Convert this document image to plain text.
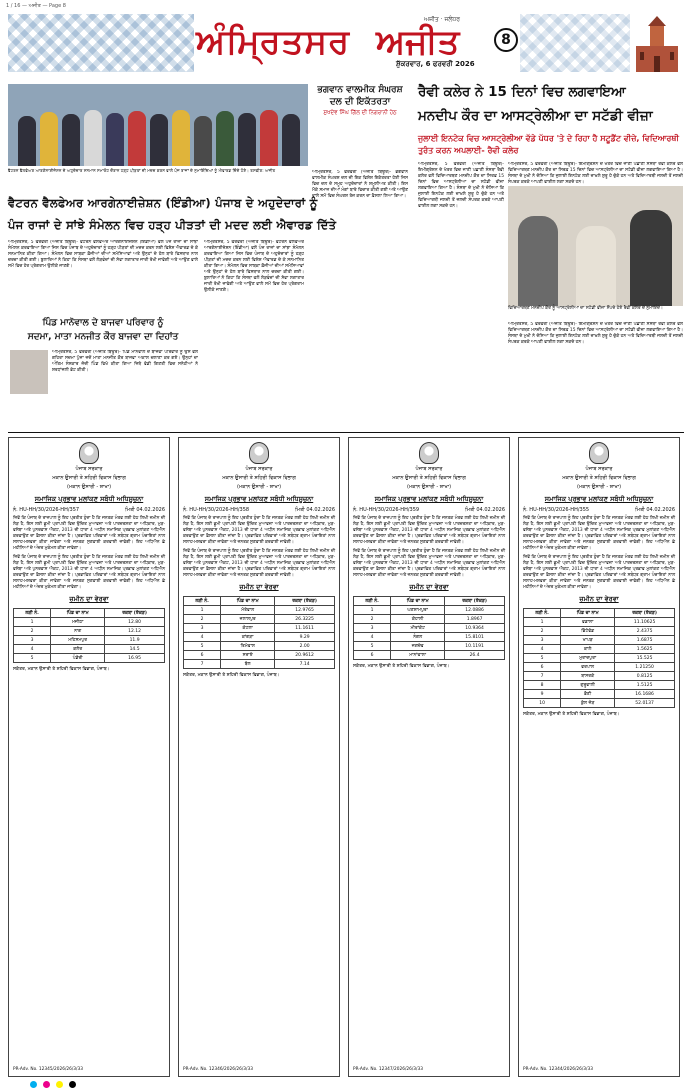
1 / 16 — ਅਜੀਤ — Page 8
ਅਜੀਤ · ਜਲੰਧਰ
ਅੰਮ੍ਰਿਤਸਰ ਅਜੀਤ
ਸ਼ੁੱਕਰਵਾਰ, 6 ਫਰਵਰੀ 2026
8
ਵੈਟਰਨ ਵੈਲਫੇਅਰ ਆਰਗੇਨਾਈਜ਼ੇਸ਼ਨ ਦੇ ਅਹੁਦੇਦਾਰ ਸਨਮਾਨ ਸਮਾਰੋਹ ਦੌਰਾਨ ਹੜ੍ਹ ਪੀੜਤਾਂ ਦੀ ਮਦਦ ਕਰਨ ਵਾਲੇ ਪੰਜ ਰਾਜਾਂ ਦੇ ਨੁਮਾਇੰਦਿਆਂ ਨੂੰ ਐਵਾਰਡ ਦਿੰਦੇ ਹੋਏ। ਤਸਵੀਰ: ਅਜੀਤ
ਭਗਵਾਨ ਵਾਲਮੀਕ ਸੰਘਰਸ਼ ਦਲ ਦੀ ਇਕੱਤਰਤਾ
ਸੁਖਦੇਵ ਸਿੰਘ ਗਿੱਲ ਦੀ ਨਿਗਰਾਨੀ ਹੇਠ
ਅੰਮ੍ਰਿਤਸਰ, 5 ਫਰਵਰੀ (ਅਜੀਤ ਬਿਊਰੋ)- ਭਗਵਾਨ ਵਾਲਮੀਕ ਸੰਘਰਸ਼ ਦਲ ਦੀ ਇਕ ਵਿਸ਼ੇਸ਼ ਇਕੱਤਰਤਾ ਹੋਈ ਜਿਸ ਵਿਚ ਦਲ ਦੇ ਸਮੂਹ ਅਹੁਦੇਦਾਰਾਂ ਨੇ ਸ਼ਮੂਲੀਅਤ ਕੀਤੀ। ਇਸ ਮੌਕੇ ਸਮਾਜ ਦੀਆਂ ਮੰਗਾਂ ਬਾਰੇ ਵਿਚਾਰ ਕੀਤੀ ਗਈ ਅਤੇ ਆਉਣ ਵਾਲੇ ਸਮੇਂ ਵਿਚ ਸੰਘਰਸ਼ ਤੇਜ਼ ਕਰਨ ਦਾ ਫ਼ੈਸਲਾ ਲਿਆ ਗਿਆ।
ਵੈਟਰਨ ਵੈਲਫੇਅਰ ਆਰਗੇਨਾਈਜ਼ੇਸ਼ਨ (ਇੰਡੀਆ) ਪੰਜਾਬ ਦੇ ਅਹੁਦੇਦਾਰਾਂ ਨੂੰ
ਪੰਜ ਰਾਜਾਂ ਦੇ ਸਾਂਝੇ ਸੰਮੇਲਨ ਵਿਚ ਹੜ੍ਹ ਪੀੜਤਾਂ ਦੀ ਮਦਦ ਲਈ ਐਵਾਰਡ ਦਿੱਤੇ
ਅੰਮ੍ਰਿਤਸਰ, 5 ਫਰਵਰੀ (ਅਜੀਤ ਬਿਊਰੋ)- ਵੈਟਰਨ ਵੈਲਫੇਅਰ ਆਰਗੇਨਾਈਜ਼ੇਸ਼ਨ (ਇੰਡੀਆ) ਵਲੋਂ ਪੰਜ ਰਾਜਾਂ ਦਾ ਸਾਂਝਾ ਸੰਮੇਲਨ ਕਰਵਾਇਆ ਗਿਆ ਜਿਸ ਵਿਚ ਪੰਜਾਬ ਦੇ ਅਹੁਦੇਦਾਰਾਂ ਨੂੰ ਹੜ੍ਹ ਪੀੜਤਾਂ ਦੀ ਮਦਦ ਕਰਨ ਲਈ ਵਿਸ਼ੇਸ਼ ਐਵਾਰਡ ਦੇ ਕੇ ਸਨਮਾਨਿਤ ਕੀਤਾ ਗਿਆ। ਸੰਮੇਲਨ ਵਿਚ ਸਾਬਕਾ ਫ਼ੌਜੀਆਂ ਦੀਆਂ ਸਮੱਸਿਆਵਾਂ ਅਤੇ ਉਨ੍ਹਾਂ ਦੇ ਹੱਲ ਬਾਰੇ ਵਿਸਥਾਰ ਨਾਲ ਚਰਚਾ ਕੀਤੀ ਗਈ। ਬੁਲਾਰਿਆਂ ਨੇ ਕਿਹਾ ਕਿ ਸੰਸਥਾ ਵਲੋਂ ਲੋੜਵੰਦਾਂ ਦੀ ਸੇਵਾ ਲਗਾਤਾਰ ਜਾਰੀ ਰੱਖੀ ਜਾਵੇਗੀ ਅਤੇ ਆਉਣ ਵਾਲੇ ਸਮੇਂ ਵਿਚ ਹੋਰ ਪ੍ਰੋਗਰਾਮ ਉਲੀਕੇ ਜਾਣਗੇ।
ਅੰਮ੍ਰਿਤਸਰ, 5 ਫਰਵਰੀ (ਅਜੀਤ ਬਿਊਰੋ)- ਵੈਟਰਨ ਵੈਲਫੇਅਰ ਆਰਗੇਨਾਈਜ਼ੇਸ਼ਨ (ਇੰਡੀਆ) ਵਲੋਂ ਪੰਜ ਰਾਜਾਂ ਦਾ ਸਾਂਝਾ ਸੰਮੇਲਨ ਕਰਵਾਇਆ ਗਿਆ ਜਿਸ ਵਿਚ ਪੰਜਾਬ ਦੇ ਅਹੁਦੇਦਾਰਾਂ ਨੂੰ ਹੜ੍ਹ ਪੀੜਤਾਂ ਦੀ ਮਦਦ ਕਰਨ ਲਈ ਵਿਸ਼ੇਸ਼ ਐਵਾਰਡ ਦੇ ਕੇ ਸਨਮਾਨਿਤ ਕੀਤਾ ਗਿਆ। ਸੰਮੇਲਨ ਵਿਚ ਸਾਬਕਾ ਫ਼ੌਜੀਆਂ ਦੀਆਂ ਸਮੱਸਿਆਵਾਂ ਅਤੇ ਉਨ੍ਹਾਂ ਦੇ ਹੱਲ ਬਾਰੇ ਵਿਸਥਾਰ ਨਾਲ ਚਰਚਾ ਕੀਤੀ ਗਈ। ਬੁਲਾਰਿਆਂ ਨੇ ਕਿਹਾ ਕਿ ਸੰਸਥਾ ਵਲੋਂ ਲੋੜਵੰਦਾਂ ਦੀ ਸੇਵਾ ਲਗਾਤਾਰ ਜਾਰੀ ਰੱਖੀ ਜਾਵੇਗੀ ਅਤੇ ਆਉਣ ਵਾਲੇ ਸਮੇਂ ਵਿਚ ਹੋਰ ਪ੍ਰੋਗਰਾਮ ਉਲੀਕੇ ਜਾਣਗੇ।
ਪਿੰਡ ਮਾਨੋਵਾਲ ਦੇ ਬਾਜਵਾ ਪਰਿਵਾਰ ਨੂੰ
ਸਦਮਾ, ਮਾਤਾ ਮਨਜੀਤ ਕੌਰ ਬਾਜਵਾ ਦਾ ਦਿਹਾਂਤ
ਅੰਮ੍ਰਿਤਸਰ, 5 ਫਰਵਰੀ (ਅਜੀਤ ਬਿਊਰੋ)- ਪਿੰਡ ਮਾਨੋਵਾਲ ਦੇ ਬਾਜਵਾ ਪਰਿਵਾਰ ਨੂੰ ਉਸ ਵੇਲੇ ਗਹਿਰਾ ਸਦਮਾ ਪੁੱਜਾ ਜਦੋਂ ਮਾਤਾ ਮਨਜੀਤ ਕੌਰ ਬਾਜਵਾ ਅਕਾਲ ਚਲਾਣਾ ਕਰ ਗਏ। ਉਨ੍ਹਾਂ ਦਾ ਅੰਤਿਮ ਸੰਸਕਾਰ ਜੱਦੀ ਪਿੰਡ ਵਿਖੇ ਕੀਤਾ ਗਿਆ ਜਿਥੇ ਵੱਡੀ ਗਿਣਤੀ ਵਿਚ ਸਨੇਹੀਆਂ ਨੇ ਸ਼ਰਧਾਂਜਲੀ ਭੇਟ ਕੀਤੀ।
ਰੈਵੀ ਕਲੇਰ ਨੇ 15 ਦਿਨਾਂ ਵਿਚ ਲਗਵਾਇਆ
ਮਨਦੀਪ ਕੌਰ ਦਾ ਆਸਟ੍ਰੇਲੀਆ ਦਾ ਸਟੱਡੀ ਵੀਜ਼ਾ
ਜੁਲਾਈ ਇਨਟੇਕ ਵਿਚ ਆਸਟ੍ਰੇਲੀਆ ਵੱਡੇ ਪੱਧਰ 'ਤੇ ਦੇ ਰਿਹਾ ਹੈ ਸਟੂਡੈਂਟ ਵੀਜ਼ੇ, ਵਿਦਿਆਰਥੀ ਤੁਰੰਤ ਕਰਨ ਅਪਲਾਈ- ਰੈਵੀ ਕਲੇਰ
ਅੰਮ੍ਰਿਤਸਰ, 5 ਫਰਵਰੀ (ਅਜੀਤ ਬਿਊਰੋ)- ਇਮੀਗ੍ਰੇਸ਼ਨ ਦੇ ਖੇਤਰ ਵਿਚ ਜਾਣੀ ਪਛਾਣੀ ਸੰਸਥਾ ਰੈਵੀ ਕਲੇਰ ਵਲੋਂ ਵਿਦਿਆਰਥਣ ਮਨਦੀਪ ਕੌਰ ਦਾ ਸਿਰਫ਼ 15 ਦਿਨਾਂ ਵਿਚ ਆਸਟ੍ਰੇਲੀਆ ਦਾ ਸਟੱਡੀ ਵੀਜ਼ਾ ਲਗਵਾਇਆ ਗਿਆ ਹੈ। ਸੰਸਥਾ ਦੇ ਮੁਖੀ ਨੇ ਦੱਸਿਆ ਕਿ ਜੁਲਾਈ ਇਨਟੇਕ ਲਈ ਦਾਖ਼ਲੇ ਸ਼ੁਰੂ ਹੋ ਚੁੱਕੇ ਹਨ ਅਤੇ ਵਿਦਿਆਰਥੀ ਜਲਦੀ ਤੋਂ ਜਲਦੀ ਸੰਪਰਕ ਕਰਕੇ ਆਪਣੀ ਫਾਈਲ ਲਗਾ ਸਕਦੇ ਹਨ।
ਅੰਮ੍ਰਿਤਸਰ, 5 ਫਰਵਰੀ (ਅਜੀਤ ਬਿਊਰੋ)- ਇਮੀਗ੍ਰੇਸ਼ਨ ਦੇ ਖੇਤਰ ਵਿਚ ਜਾਣੀ ਪਛਾਣੀ ਸੰਸਥਾ ਰੈਵੀ ਕਲੇਰ ਵਲੋਂ ਵਿਦਿਆਰਥਣ ਮਨਦੀਪ ਕੌਰ ਦਾ ਸਿਰਫ਼ 15 ਦਿਨਾਂ ਵਿਚ ਆਸਟ੍ਰੇਲੀਆ ਦਾ ਸਟੱਡੀ ਵੀਜ਼ਾ ਲਗਵਾਇਆ ਗਿਆ ਹੈ। ਸੰਸਥਾ ਦੇ ਮੁਖੀ ਨੇ ਦੱਸਿਆ ਕਿ ਜੁਲਾਈ ਇਨਟੇਕ ਲਈ ਦਾਖ਼ਲੇ ਸ਼ੁਰੂ ਹੋ ਚੁੱਕੇ ਹਨ ਅਤੇ ਵਿਦਿਆਰਥੀ ਜਲਦੀ ਤੋਂ ਜਲਦੀ ਸੰਪਰਕ ਕਰਕੇ ਆਪਣੀ ਫਾਈਲ ਲਗਾ ਸਕਦੇ ਹਨ।
ਵਿਦਿਆਰਥਣ ਮਨਦੀਪ ਕੌਰ ਨੂੰ ਆਸਟ੍ਰੇਲੀਆ ਦਾ ਸਟੱਡੀ ਵੀਜ਼ਾ ਸੌਂਪਦੇ ਹੋਏ ਰੈਵੀ ਕਲੇਰ ਦੇ ਨੁਮਾਇੰਦੇ।
ਅੰਮ੍ਰਿਤਸਰ, 5 ਫਰਵਰੀ (ਅਜੀਤ ਬਿਊਰੋ)- ਇਮੀਗ੍ਰੇਸ਼ਨ ਦੇ ਖੇਤਰ ਵਿਚ ਜਾਣੀ ਪਛਾਣੀ ਸੰਸਥਾ ਰੈਵੀ ਕਲੇਰ ਵਲੋਂ ਵਿਦਿਆਰਥਣ ਮਨਦੀਪ ਕੌਰ ਦਾ ਸਿਰਫ਼ 15 ਦਿਨਾਂ ਵਿਚ ਆਸਟ੍ਰੇਲੀਆ ਦਾ ਸਟੱਡੀ ਵੀਜ਼ਾ ਲਗਵਾਇਆ ਗਿਆ ਹੈ। ਸੰਸਥਾ ਦੇ ਮੁਖੀ ਨੇ ਦੱਸਿਆ ਕਿ ਜੁਲਾਈ ਇਨਟੇਕ ਲਈ ਦਾਖ਼ਲੇ ਸ਼ੁਰੂ ਹੋ ਚੁੱਕੇ ਹਨ ਅਤੇ ਵਿਦਿਆਰਥੀ ਜਲਦੀ ਤੋਂ ਜਲਦੀ ਸੰਪਰਕ ਕਰਕੇ ਆਪਣੀ ਫਾਈਲ ਲਗਾ ਸਕਦੇ ਹਨ।
ਪੰਜਾਬ ਸਰਕਾਰ
ਮਕਾਨ ਉਸਾਰੀ ਤੇ ਸ਼ਹਿਰੀ ਵਿਕਾਸ ਵਿਭਾਗ
(ਮਕਾਨ ਉਸਾਰੀ - ਸ਼ਾਖਾ)
ਸਮਾਜਿਕ ਪ੍ਰਭਾਵ ਮੁਲਾਂਕਣ ਸਬੰਧੀ ਅਧਿਸੂਚਨਾ
ਨੰ. HU-HH/30/2026-HH/357	ਮਿਤੀ 04.02.2026
ਜਿਵੇਂ ਕਿ ਪੰਜਾਬ ਦੇ ਰਾਜਪਾਲ ਨੂੰ ਇਹ ਪ੍ਰਤੀਤ ਹੁੰਦਾ ਹੈ ਕਿ ਜਨਤਕ ਮੰਤਵ ਲਈ ਹੇਠ ਲਿਖੀ ਜ਼ਮੀਨ ਦੀ ਲੋੜ ਹੈ, ਇਸ ਲਈ ਭੂਮੀ ਪ੍ਰਾਪਤੀ ਵਿਚ ਉਚਿਤ ਮੁਆਵਜ਼ਾ ਅਤੇ ਪਾਰਦਰਸ਼ਤਾ ਦਾ ਅਧਿਕਾਰ, ਮੁੜ-ਵਸੇਬਾ ਅਤੇ ਪੁਨਰਵਾਸ ਐਕਟ, 2013 ਦੀ ਧਾਰਾ 4 ਅਧੀਨ ਸਮਾਜਿਕ ਪ੍ਰਭਾਵ ਮੁਲਾਂਕਣ ਅਧਿਐਨ ਕਰਵਾਉਣ ਦਾ ਫ਼ੈਸਲਾ ਕੀਤਾ ਜਾਂਦਾ ਹੈ। ਪ੍ਰਭਾਵਿਤ ਪਰਿਵਾਰਾਂ ਅਤੇ ਸਬੰਧਤ ਗ੍ਰਾਮ ਪੰਚਾਇਤਾਂ ਨਾਲ ਸਲਾਹ-ਮਸ਼ਵਰਾ ਕੀਤਾ ਜਾਵੇਗਾ ਅਤੇ ਜਨਤਕ ਸੁਣਵਾਈ ਕਰਵਾਈ ਜਾਵੇਗੀ। ਇਹ ਅਧਿਐਨ ਛੇ ਮਹੀਨਿਆਂ ਦੇ ਅੰਦਰ ਮੁਕੰਮਲ ਕੀਤਾ ਜਾਵੇਗਾ।
ਜਿਵੇਂ ਕਿ ਪੰਜਾਬ ਦੇ ਰਾਜਪਾਲ ਨੂੰ ਇਹ ਪ੍ਰਤੀਤ ਹੁੰਦਾ ਹੈ ਕਿ ਜਨਤਕ ਮੰਤਵ ਲਈ ਹੇਠ ਲਿਖੀ ਜ਼ਮੀਨ ਦੀ ਲੋੜ ਹੈ, ਇਸ ਲਈ ਭੂਮੀ ਪ੍ਰਾਪਤੀ ਵਿਚ ਉਚਿਤ ਮੁਆਵਜ਼ਾ ਅਤੇ ਪਾਰਦਰਸ਼ਤਾ ਦਾ ਅਧਿਕਾਰ, ਮੁੜ-ਵਸੇਬਾ ਅਤੇ ਪੁਨਰਵਾਸ ਐਕਟ, 2013 ਦੀ ਧਾਰਾ 4 ਅਧੀਨ ਸਮਾਜਿਕ ਪ੍ਰਭਾਵ ਮੁਲਾਂਕਣ ਅਧਿਐਨ ਕਰਵਾਉਣ ਦਾ ਫ਼ੈਸਲਾ ਕੀਤਾ ਜਾਂਦਾ ਹੈ। ਪ੍ਰਭਾਵਿਤ ਪਰਿਵਾਰਾਂ ਅਤੇ ਸਬੰਧਤ ਗ੍ਰਾਮ ਪੰਚਾਇਤਾਂ ਨਾਲ ਸਲਾਹ-ਮਸ਼ਵਰਾ ਕੀਤਾ ਜਾਵੇਗਾ ਅਤੇ ਜਨਤਕ ਸੁਣਵਾਈ ਕਰਵਾਈ ਜਾਵੇਗੀ। ਇਹ ਅਧਿਐਨ ਛੇ ਮਹੀਨਿਆਂ ਦੇ ਅੰਦਰ ਮੁਕੰਮਲ ਕੀਤਾ ਜਾਵੇਗਾ।
ਜ਼ਮੀਨ ਦਾ ਵੇਰਵਾ
ਲੜੀ ਨੰ.	ਪਿੰਡ ਦਾ ਨਾਮ	ਰਕਬਾ (ਏਕੜ)
1	ਮਜੀਠਾ	12.80
2	ਨਾਗ	12.12
3	ਮਹਿਸਮਪੁਰ	11.9
4	ਕਲੇਰ	14.5
5	ਪੰਡੋਰੀ	16.95
ਸਕੱਤਰ, ਮਕਾਨ ਉਸਾਰੀ ਤੇ ਸ਼ਹਿਰੀ ਵਿਕਾਸ ਵਿਭਾਗ, ਪੰਜਾਬ।
PR-Adv. No. 12345/2026/26/3/33
ਪੰਜਾਬ ਸਰਕਾਰ
ਮਕਾਨ ਉਸਾਰੀ ਤੇ ਸ਼ਹਿਰੀ ਵਿਕਾਸ ਵਿਭਾਗ
(ਮਕਾਨ ਉਸਾਰੀ - ਸ਼ਾਖਾ)
ਸਮਾਜਿਕ ਪ੍ਰਭਾਵ ਮੁਲਾਂਕਣ ਸਬੰਧੀ ਅਧਿਸੂਚਨਾ
ਨੰ. HU-HH/30/2026-HH/358	ਮਿਤੀ 04.02.2026
ਜਿਵੇਂ ਕਿ ਪੰਜਾਬ ਦੇ ਰਾਜਪਾਲ ਨੂੰ ਇਹ ਪ੍ਰਤੀਤ ਹੁੰਦਾ ਹੈ ਕਿ ਜਨਤਕ ਮੰਤਵ ਲਈ ਹੇਠ ਲਿਖੀ ਜ਼ਮੀਨ ਦੀ ਲੋੜ ਹੈ, ਇਸ ਲਈ ਭੂਮੀ ਪ੍ਰਾਪਤੀ ਵਿਚ ਉਚਿਤ ਮੁਆਵਜ਼ਾ ਅਤੇ ਪਾਰਦਰਸ਼ਤਾ ਦਾ ਅਧਿਕਾਰ, ਮੁੜ-ਵਸੇਬਾ ਅਤੇ ਪੁਨਰਵਾਸ ਐਕਟ, 2013 ਦੀ ਧਾਰਾ 4 ਅਧੀਨ ਸਮਾਜਿਕ ਪ੍ਰਭਾਵ ਮੁਲਾਂਕਣ ਅਧਿਐਨ ਕਰਵਾਉਣ ਦਾ ਫ਼ੈਸਲਾ ਕੀਤਾ ਜਾਂਦਾ ਹੈ। ਪ੍ਰਭਾਵਿਤ ਪਰਿਵਾਰਾਂ ਅਤੇ ਸਬੰਧਤ ਗ੍ਰਾਮ ਪੰਚਾਇਤਾਂ ਨਾਲ ਸਲਾਹ-ਮਸ਼ਵਰਾ ਕੀਤਾ ਜਾਵੇਗਾ ਅਤੇ ਜਨਤਕ ਸੁਣਵਾਈ ਕਰਵਾਈ ਜਾਵੇਗੀ।
ਜਿਵੇਂ ਕਿ ਪੰਜਾਬ ਦੇ ਰਾਜਪਾਲ ਨੂੰ ਇਹ ਪ੍ਰਤੀਤ ਹੁੰਦਾ ਹੈ ਕਿ ਜਨਤਕ ਮੰਤਵ ਲਈ ਹੇਠ ਲਿਖੀ ਜ਼ਮੀਨ ਦੀ ਲੋੜ ਹੈ, ਇਸ ਲਈ ਭੂਮੀ ਪ੍ਰਾਪਤੀ ਵਿਚ ਉਚਿਤ ਮੁਆਵਜ਼ਾ ਅਤੇ ਪਾਰਦਰਸ਼ਤਾ ਦਾ ਅਧਿਕਾਰ, ਮੁੜ-ਵਸੇਬਾ ਅਤੇ ਪੁਨਰਵਾਸ ਐਕਟ, 2013 ਦੀ ਧਾਰਾ 4 ਅਧੀਨ ਸਮਾਜਿਕ ਪ੍ਰਭਾਵ ਮੁਲਾਂਕਣ ਅਧਿਐਨ ਕਰਵਾਉਣ ਦਾ ਫ਼ੈਸਲਾ ਕੀਤਾ ਜਾਂਦਾ ਹੈ। ਪ੍ਰਭਾਵਿਤ ਪਰਿਵਾਰਾਂ ਅਤੇ ਸਬੰਧਤ ਗ੍ਰਾਮ ਪੰਚਾਇਤਾਂ ਨਾਲ ਸਲਾਹ-ਮਸ਼ਵਰਾ ਕੀਤਾ ਜਾਵੇਗਾ ਅਤੇ ਜਨਤਕ ਸੁਣਵਾਈ ਕਰਵਾਈ ਜਾਵੇਗੀ।
ਜ਼ਮੀਨ ਦਾ ਵੇਰਵਾ
ਲੜੀ ਨੰ.	ਪਿੰਡ ਦਾ ਨਾਮ	ਰਕਬਾ (ਏਕੜ)
1	ਮੱਤੇਵਾਲ	12.9765
2	ਜਲਾਲਪੁਰ	26.3225
3	ਕੋਟਲਾ	11.1611
4	ਕਾਂਗੜਾ	9.29
5	ਤਿਮੋਵਾਲ	2.00
6	ਸਰਾਏ	20.9612
7	ਬੱਲ	7.14
ਸਕੱਤਰ, ਮਕਾਨ ਉਸਾਰੀ ਤੇ ਸ਼ਹਿਰੀ ਵਿਕਾਸ ਵਿਭਾਗ, ਪੰਜਾਬ।
PR-Adv. No. 12346/2026/26/3/33
ਪੰਜਾਬ ਸਰਕਾਰ
ਮਕਾਨ ਉਸਾਰੀ ਤੇ ਸ਼ਹਿਰੀ ਵਿਕਾਸ ਵਿਭਾਗ
(ਮਕਾਨ ਉਸਾਰੀ - ਸ਼ਾਖਾ)
ਸਮਾਜਿਕ ਪ੍ਰਭਾਵ ਮੁਲਾਂਕਣ ਸਬੰਧੀ ਅਧਿਸੂਚਨਾ
ਨੰ. HU-HH/30/2026-HH/359	ਮਿਤੀ 04.02.2026
ਜਿਵੇਂ ਕਿ ਪੰਜਾਬ ਦੇ ਰਾਜਪਾਲ ਨੂੰ ਇਹ ਪ੍ਰਤੀਤ ਹੁੰਦਾ ਹੈ ਕਿ ਜਨਤਕ ਮੰਤਵ ਲਈ ਹੇਠ ਲਿਖੀ ਜ਼ਮੀਨ ਦੀ ਲੋੜ ਹੈ, ਇਸ ਲਈ ਭੂਮੀ ਪ੍ਰਾਪਤੀ ਵਿਚ ਉਚਿਤ ਮੁਆਵਜ਼ਾ ਅਤੇ ਪਾਰਦਰਸ਼ਤਾ ਦਾ ਅਧਿਕਾਰ, ਮੁੜ-ਵਸੇਬਾ ਅਤੇ ਪੁਨਰਵਾਸ ਐਕਟ, 2013 ਦੀ ਧਾਰਾ 4 ਅਧੀਨ ਸਮਾਜਿਕ ਪ੍ਰਭਾਵ ਮੁਲਾਂਕਣ ਅਧਿਐਨ ਕਰਵਾਉਣ ਦਾ ਫ਼ੈਸਲਾ ਕੀਤਾ ਜਾਂਦਾ ਹੈ। ਪ੍ਰਭਾਵਿਤ ਪਰਿਵਾਰਾਂ ਅਤੇ ਸਬੰਧਤ ਗ੍ਰਾਮ ਪੰਚਾਇਤਾਂ ਨਾਲ ਸਲਾਹ-ਮਸ਼ਵਰਾ ਕੀਤਾ ਜਾਵੇਗਾ ਅਤੇ ਜਨਤਕ ਸੁਣਵਾਈ ਕਰਵਾਈ ਜਾਵੇਗੀ।
ਜਿਵੇਂ ਕਿ ਪੰਜਾਬ ਦੇ ਰਾਜਪਾਲ ਨੂੰ ਇਹ ਪ੍ਰਤੀਤ ਹੁੰਦਾ ਹੈ ਕਿ ਜਨਤਕ ਮੰਤਵ ਲਈ ਹੇਠ ਲਿਖੀ ਜ਼ਮੀਨ ਦੀ ਲੋੜ ਹੈ, ਇਸ ਲਈ ਭੂਮੀ ਪ੍ਰਾਪਤੀ ਵਿਚ ਉਚਿਤ ਮੁਆਵਜ਼ਾ ਅਤੇ ਪਾਰਦਰਸ਼ਤਾ ਦਾ ਅਧਿਕਾਰ, ਮੁੜ-ਵਸੇਬਾ ਅਤੇ ਪੁਨਰਵਾਸ ਐਕਟ, 2013 ਦੀ ਧਾਰਾ 4 ਅਧੀਨ ਸਮਾਜਿਕ ਪ੍ਰਭਾਵ ਮੁਲਾਂਕਣ ਅਧਿਐਨ ਕਰਵਾਉਣ ਦਾ ਫ਼ੈਸਲਾ ਕੀਤਾ ਜਾਂਦਾ ਹੈ। ਪ੍ਰਭਾਵਿਤ ਪਰਿਵਾਰਾਂ ਅਤੇ ਸਬੰਧਤ ਗ੍ਰਾਮ ਪੰਚਾਇਤਾਂ ਨਾਲ ਸਲਾਹ-ਮਸ਼ਵਰਾ ਕੀਤਾ ਜਾਵੇਗਾ ਅਤੇ ਜਨਤਕ ਸੁਣਵਾਈ ਕਰਵਾਈ ਜਾਵੇਗੀ।
ਜ਼ਮੀਨ ਦਾ ਵੇਰਵਾ
ਲੜੀ ਨੰ.	ਪਿੰਡ ਦਾ ਨਾਮ	ਰਕਬਾ (ਏਕੜ)
1	ਘਣਸ਼ਾਮਪੁਰਾ	12.0886
2	ਕੋਹਾਲੀ	1.8967
3	ਮੀਰਾਂਕੋਟ	10.9364
4	ਨੰਗਲ	15.8101
5	ਜਗਦੇਵ	10.1191
6	ਮਾਨਾਂਵਾਲਾ	26.4
ਸਕੱਤਰ, ਮਕਾਨ ਉਸਾਰੀ ਤੇ ਸ਼ਹਿਰੀ ਵਿਕਾਸ ਵਿਭਾਗ, ਪੰਜਾਬ।
PR-Adv. No. 12347/2026/26/3/33
ਪੰਜਾਬ ਸਰਕਾਰ
ਮਕਾਨ ਉਸਾਰੀ ਤੇ ਸ਼ਹਿਰੀ ਵਿਕਾਸ ਵਿਭਾਗ
(ਮਕਾਨ ਉਸਾਰੀ - ਸ਼ਾਖਾ)
ਸਮਾਜਿਕ ਪ੍ਰਭਾਵ ਮੁਲਾਂਕਣ ਸਬੰਧੀ ਅਧਿਸੂਚਨਾ
ਨੰ. HU-HH/30/2026-HH/355	ਮਿਤੀ 04.02.2026
ਜਿਵੇਂ ਕਿ ਪੰਜਾਬ ਦੇ ਰਾਜਪਾਲ ਨੂੰ ਇਹ ਪ੍ਰਤੀਤ ਹੁੰਦਾ ਹੈ ਕਿ ਜਨਤਕ ਮੰਤਵ ਲਈ ਹੇਠ ਲਿਖੀ ਜ਼ਮੀਨ ਦੀ ਲੋੜ ਹੈ, ਇਸ ਲਈ ਭੂਮੀ ਪ੍ਰਾਪਤੀ ਵਿਚ ਉਚਿਤ ਮੁਆਵਜ਼ਾ ਅਤੇ ਪਾਰਦਰਸ਼ਤਾ ਦਾ ਅਧਿਕਾਰ, ਮੁੜ-ਵਸੇਬਾ ਅਤੇ ਪੁਨਰਵਾਸ ਐਕਟ, 2013 ਦੀ ਧਾਰਾ 4 ਅਧੀਨ ਸਮਾਜਿਕ ਪ੍ਰਭਾਵ ਮੁਲਾਂਕਣ ਅਧਿਐਨ ਕਰਵਾਉਣ ਦਾ ਫ਼ੈਸਲਾ ਕੀਤਾ ਜਾਂਦਾ ਹੈ। ਪ੍ਰਭਾਵਿਤ ਪਰਿਵਾਰਾਂ ਅਤੇ ਸਬੰਧਤ ਗ੍ਰਾਮ ਪੰਚਾਇਤਾਂ ਨਾਲ ਸਲਾਹ-ਮਸ਼ਵਰਾ ਕੀਤਾ ਜਾਵੇਗਾ ਅਤੇ ਜਨਤਕ ਸੁਣਵਾਈ ਕਰਵਾਈ ਜਾਵੇਗੀ। ਇਹ ਅਧਿਐਨ ਛੇ ਮਹੀਨਿਆਂ ਦੇ ਅੰਦਰ ਮੁਕੰਮਲ ਕੀਤਾ ਜਾਵੇਗਾ।
ਜਿਵੇਂ ਕਿ ਪੰਜਾਬ ਦੇ ਰਾਜਪਾਲ ਨੂੰ ਇਹ ਪ੍ਰਤੀਤ ਹੁੰਦਾ ਹੈ ਕਿ ਜਨਤਕ ਮੰਤਵ ਲਈ ਹੇਠ ਲਿਖੀ ਜ਼ਮੀਨ ਦੀ ਲੋੜ ਹੈ, ਇਸ ਲਈ ਭੂਮੀ ਪ੍ਰਾਪਤੀ ਵਿਚ ਉਚਿਤ ਮੁਆਵਜ਼ਾ ਅਤੇ ਪਾਰਦਰਸ਼ਤਾ ਦਾ ਅਧਿਕਾਰ, ਮੁੜ-ਵਸੇਬਾ ਅਤੇ ਪੁਨਰਵਾਸ ਐਕਟ, 2013 ਦੀ ਧਾਰਾ 4 ਅਧੀਨ ਸਮਾਜਿਕ ਪ੍ਰਭਾਵ ਮੁਲਾਂਕਣ ਅਧਿਐਨ ਕਰਵਾਉਣ ਦਾ ਫ਼ੈਸਲਾ ਕੀਤਾ ਜਾਂਦਾ ਹੈ। ਪ੍ਰਭਾਵਿਤ ਪਰਿਵਾਰਾਂ ਅਤੇ ਸਬੰਧਤ ਗ੍ਰਾਮ ਪੰਚਾਇਤਾਂ ਨਾਲ ਸਲਾਹ-ਮਸ਼ਵਰਾ ਕੀਤਾ ਜਾਵੇਗਾ ਅਤੇ ਜਨਤਕ ਸੁਣਵਾਈ ਕਰਵਾਈ ਜਾਵੇਗੀ। ਇਹ ਅਧਿਐਨ ਛੇ ਮਹੀਨਿਆਂ ਦੇ ਅੰਦਰ ਮੁਕੰਮਲ ਕੀਤਾ ਜਾਵੇਗਾ।
ਜ਼ਮੀਨ ਦਾ ਵੇਰਵਾ
ਲੜੀ ਨੰ.	ਪਿੰਡ ਦਾ ਨਾਮ	ਰਕਬਾ (ਏਕੜ)
1	ਵਡਾਲਾ	11.10625
2	ਭਿੱਟੇਵੱਡ	2.4375
3	ਖਾਪੜ	1.6875
4	ਕਾਲੇ	1.5625
5	ਮੁਰਾਦਪੁਰਾ	15.525
6	ਵਰਪਾਲ	1.21250
7	ਬਾਸਰਕੇ	0.8125
8	ਗੁਰੂਵਾਲੀ	1.5125
9	ਭੈਣੀ	16.1686
10	ਕੁੱਲ ਜੋੜ	52.0137
ਸਕੱਤਰ, ਮਕਾਨ ਉਸਾਰੀ ਤੇ ਸ਼ਹਿਰੀ ਵਿਕਾਸ ਵਿਭਾਗ, ਪੰਜਾਬ।
PR-Adv. No. 12344/2026/26/3/33
